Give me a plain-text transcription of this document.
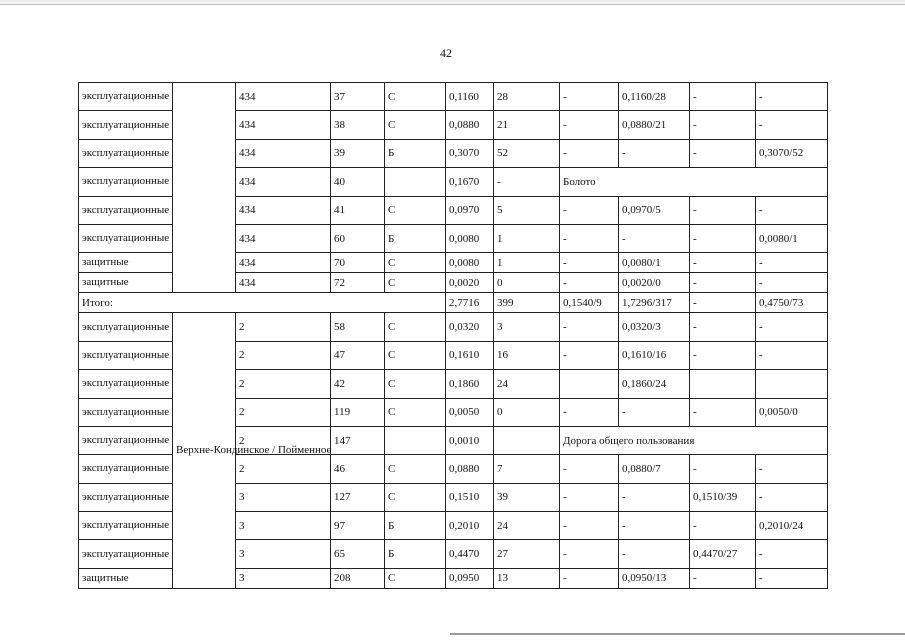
42
эксплуатационные		434	37	С	0,1160	28	-	0,1160/28	-	-
эксплуатационные		434	38	С	0,0880	21	-	0,0880/21	-	-
эксплуатационные		434	39	Б	0,3070	52	-	-	-	0,3070/52
эксплуатационные		434	40		0,1670	-	Болото			
эксплуатационные		434	41	С	0,0970	5	-	0,0970/5	-	-
эксплуатационные		434	60	Б	0,0080	1	-	-	-	0,0080/1
защитные		434	70	С	0,0080	1	-	0,0080/1	-	-
защитные		434	72	С	0,0020	0	-	0,0020/0	-	-
Итого:					2,7716	399	0,1540/9	1,7296/317	-	0,4750/73
эксплуатационные	Верхне-Кондинское / Пойменное	2	58	С	0,0320	3	-	0,0320/3	-	-
эксплуатационные		2	47	С	0,1610	16	-	0,1610/16	-	-
эксплуатационные		2	42	С	0,1860	24		0,1860/24		
эксплуатационные		2	119	С	0,0050	0	-	-	-	0,0050/0
эксплуатационные		2	147		0,0010		Дорога общего пользования			
эксплуатационные		2	46	С	0,0880	7	-	0,0880/7	-	-
эксплуатационные		3	127	С	0,1510	39	-	-	0,1510/39	-
эксплуатационные		3	97	Б	0,2010	24	-	-	-	0,2010/24
эксплуатационные		3	65	Б	0,4470	27	-	-	0,4470/27	-
защитные		3	208	С	0,0950	13	-	0,0950/13	-	-
